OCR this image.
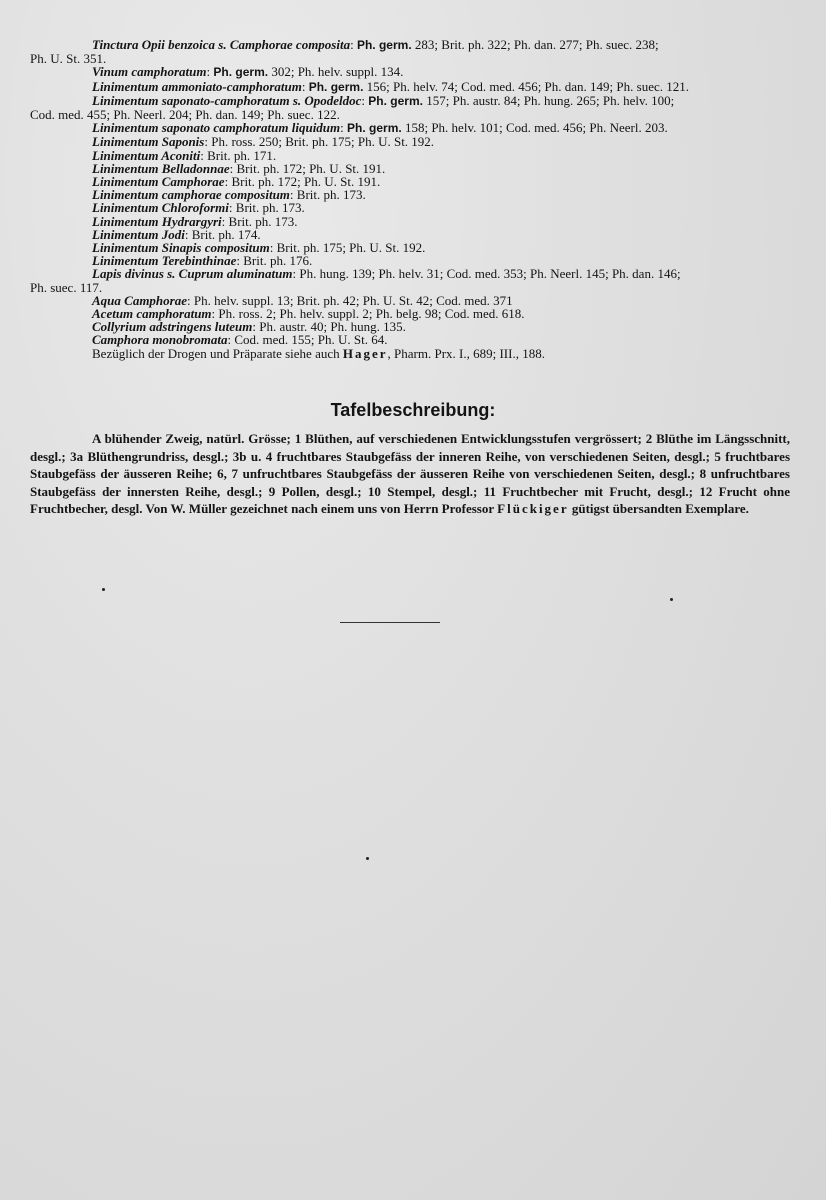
Tinctura Opii benzoica s. Camphorae composita: Ph. germ. 283; Brit. ph. 322; Ph. dan. 277; Ph. suec. 238;
Ph. U. St. 351.
Vinum camphoratum: Ph. germ. 302; Ph. helv. suppl. 134.
Linimentum ammoniato-camphoratum: Ph. germ. 156; Ph. helv. 74; Cod. med. 456; Ph. dan. 149; Ph. suec. 121.
Linimentum saponato-camphoratum s. Opodeldoc: Ph. germ. 157; Ph. austr. 84; Ph. hung. 265; Ph. helv. 100;
Cod. med. 455; Ph. Neerl. 204; Ph. dan. 149; Ph. suec. 122.
Linimentum saponato camphoratum liquidum: Ph. germ. 158; Ph. helv. 101; Cod. med. 456; Ph. Neerl. 203.
Linimentum Saponis: Ph. ross. 250; Brit. ph. 175; Ph. U. St. 192.
Linimentum Aconiti: Brit. ph. 171.
Linimentum Belladonnae: Brit. ph. 172; Ph. U. St. 191.
Linimentum Camphorae: Brit. ph. 172; Ph. U. St. 191.
Linimentum camphorae compositum: Brit. ph. 173.
Linimentum Chloroformi: Brit. ph. 173.
Linimentum Hydrargyri: Brit. ph. 173.
Linimentum Jodi: Brit. ph. 174.
Linimentum Sinapis compositum: Brit. ph. 175; Ph. U. St. 192.
Linimentum Terebinthinae: Brit. ph. 176.
Lapis divinus s. Cuprum aluminatum: Ph. hung. 139; Ph. helv. 31; Cod. med. 353; Ph. Neerl. 145; Ph. dan. 146;
Ph. suec. 117.
Aqua Camphorae: Ph. helv. suppl. 13; Brit. ph. 42; Ph. U. St. 42; Cod. med. 371
Acetum camphoratum: Ph. ross. 2; Ph. helv. suppl. 2; Ph. belg. 98; Cod. med. 618.
Collyrium adstringens luteum: Ph. austr. 40; Ph. hung. 135.
Camphora monobromata: Cod. med. 155; Ph. U. St. 64.
Bezüglich der Drogen und Präparate siehe auch Hager, Pharm. Prx. I., 689; III., 188.
Tafelbeschreibung:
A blühender Zweig, natürl. Grösse; 1 Blüthen, auf verschiedenen Entwicklungsstufen vergrössert; 2 Blüthe im Längsschnitt, desgl.; 3a Blüthengrundriss, desgl.; 3b u. 4 fruchtbares Staubgefäss der inneren Reihe, von verschiedenen Seiten, desgl.; 5 fruchtbares Staubgefäss der äusseren Reihe; 6, 7 unfruchtbares Staubgefäss der äusseren Reihe von verschiedenen Seiten, desgl.; 8 unfruchtbares Staubgefäss der innersten Reihe, desgl.; 9 Pollen, desgl.; 10 Stempel, desgl.; 11 Fruchtbecher mit Frucht, desgl.; 12 Frucht ohne Fruchtbecher, desgl. Von W. Müller gezeichnet nach einem uns von Herrn Professor Flückiger gütigst übersandten Exemplare.
